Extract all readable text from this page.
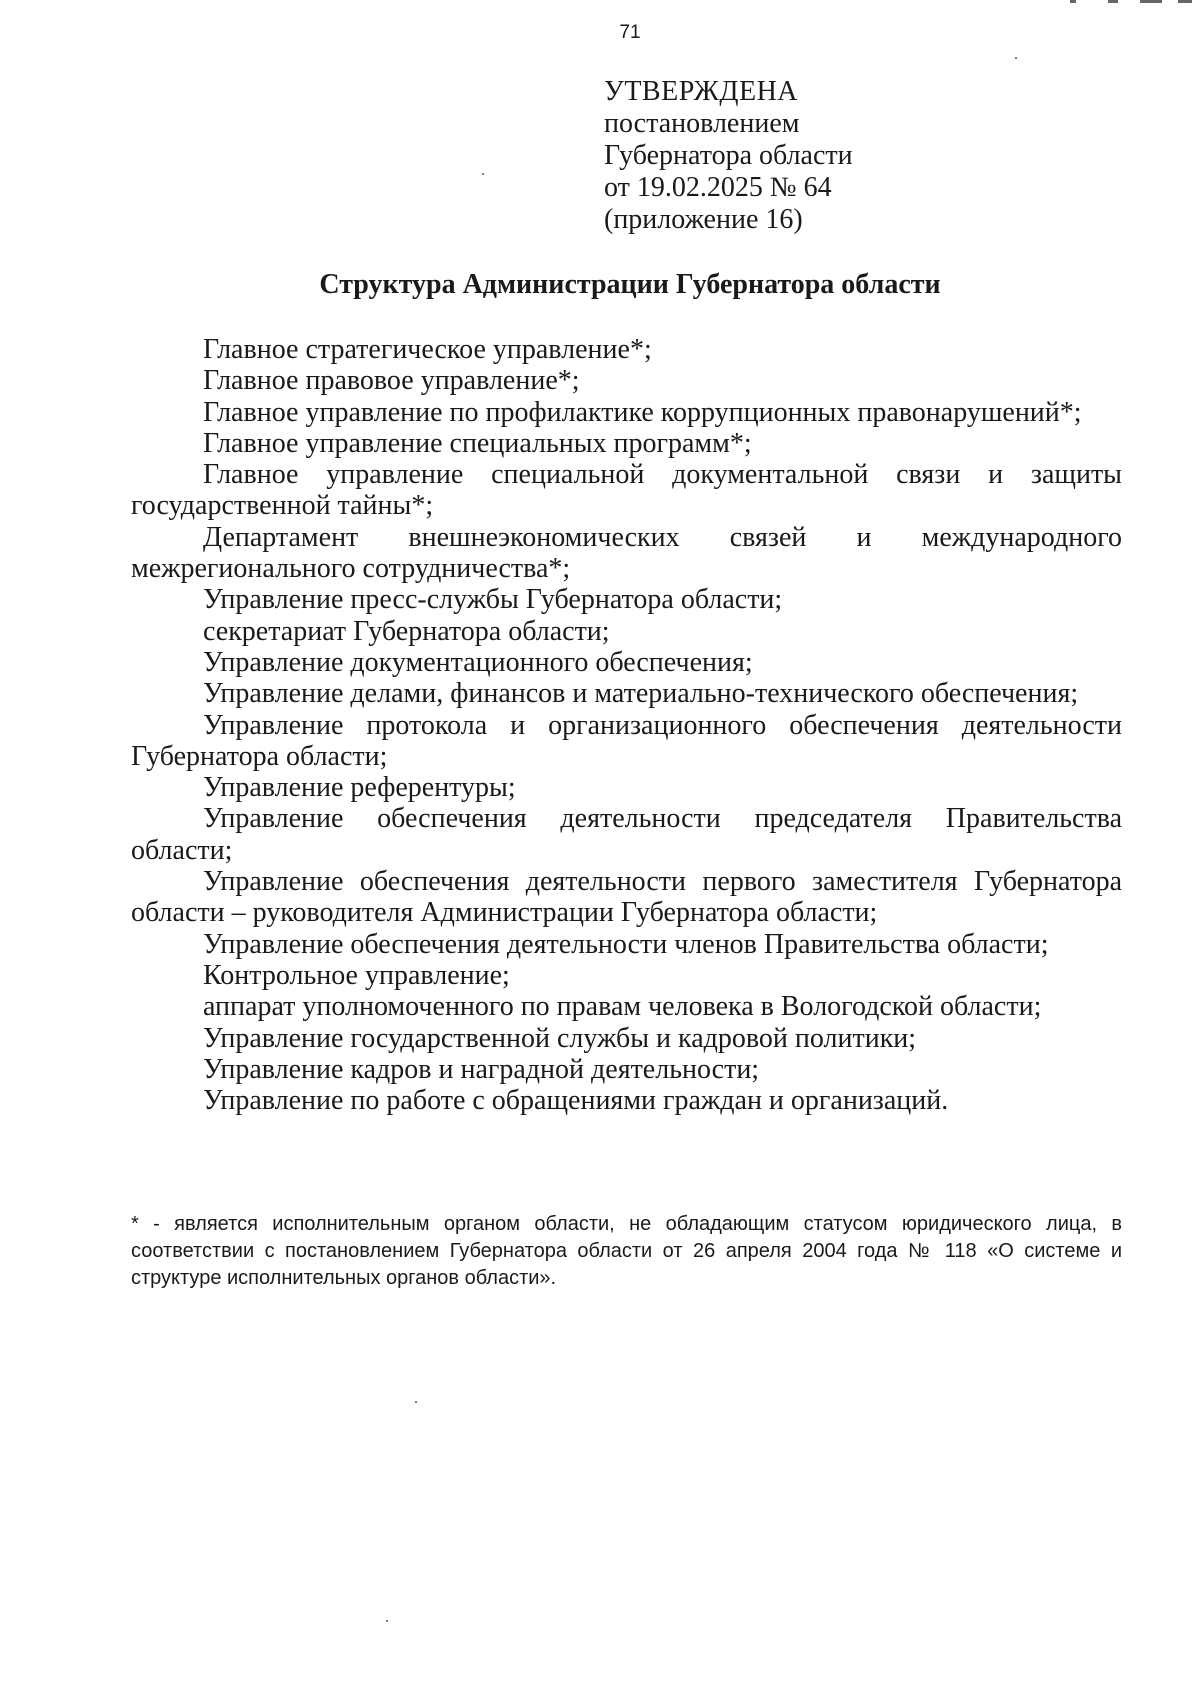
71
УТВЕРЖДЕНА
постановлением
Губернатора области
от 19.02.2025 № 64
(приложение 16)
Структура Администрации Губернатора области
Главное стратегическое управление*;
Главное правовое управление*;
Главное управление по профилактике коррупционных правонарушений*;
Главное управление специальных программ*;
Главное управление специальной документальной связи и защиты государственной тайны*;
Департамент внешнеэкономических связей и международного межрегионального сотрудничества*;
Управление пресс-службы Губернатора области;
секретариат Губернатора области;
Управление документационного обеспечения;
Управление делами, финансов и материально-технического обеспечения;
Управление протокола и организационного обеспечения деятельности Губернатора области;
Управление референтуры;
Управление обеспечения деятельности председателя Правительства области;
Управление обеспечения деятельности первого заместителя Губернатора области – руководителя Администрации Губернатора области;
Управление обеспечения деятельности членов Правительства области;
Контрольное управление;
аппарат уполномоченного по правам человека в Вологодской области;
Управление государственной службы и кадровой политики;
Управление кадров и наградной деятельности;
Управление по работе с обращениями граждан и организаций.
* - является исполнительным органом области, не обладающим статусом юридического лица, в соответствии с постановлением Губернатора области от 26 апреля 2004 года № 118 «О системе и структуре исполнительных органов области».
